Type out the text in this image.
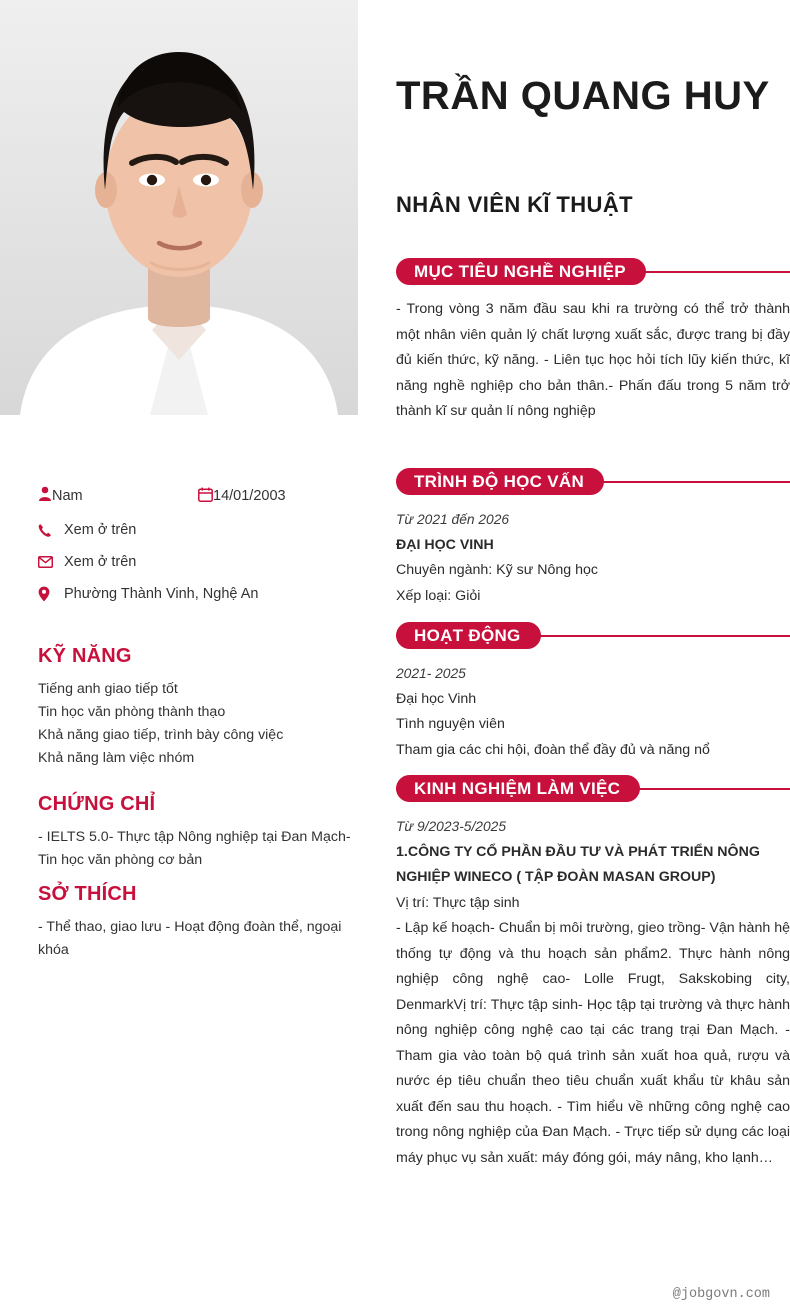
Nam	14/01/2003
Xem ở trên
Xem ở trên
Phường Thành Vinh, Nghệ An
KỸ NĂNG

Tiếng anh giao tiếp tốt

Tin học văn phòng thành thạo

Khả năng giao tiếp, trình bày công việc

Khả năng làm việc nhóm

CHỨNG CHỈ

- IELTS 5.0- Thực tập Nông nghiệp tại Đan Mạch- Tin học văn phòng cơ bản

SỞ THÍCH

- Thể thao, giao lưu - Hoạt động đoàn thể, ngoại khóa

TRẦN QUANG HUY
NHÂN VIÊN KĨ THUẬT
MỤC TIÊU NGHỀ NGHIỆP
- Trong vòng 3 năm đầu sau khi ra trường có thể trở thành một nhân viên quản lý chất lượng xuất sắc, được trang bị đầy đủ kiến thức, kỹ năng. - Liên tục học hỏi tích lũy kiến thức, kĩ năng nghề nghiệp cho bản thân.- Phấn đấu trong 5 năm trở thành kĩ sư quản lí nông nghiệp
TRÌNH ĐỘ HỌC VẤN
Từ 2021 đến 2026
ĐẠI HỌC VINH
Chuyên ngành: Kỹ sư Nông học
Xếp loại: Giỏi
HOẠT ĐỘNG
2021- 2025
Đại học Vinh
Tình nguyện viên
Tham gia các chi hội, đoàn thể đầy đủ và năng nổ
KINH NGHIỆM LÀM VIỆC
Từ 9/2023-5/2025
1.CÔNG TY CỔ PHẦN ĐẦU TƯ VÀ PHÁT TRIỂN NÔNG NGHIỆP WINECO ( TẬP ĐOÀN MASAN GROUP)
Vị trí: Thực tập sinh
- Lập kế hoạch- Chuẩn bị môi trường, gieo trồng- Vận hành hệ thống tự động và thu hoạch sản phẩm2. Thực hành nông nghiệp công nghệ cao- Lolle Frugt, Sakskobing city, DenmarkVị trí: Thực tập sinh- Học tập tại trường và thực hành nông nghiệp công nghệ cao tại các trang trại Đan Mạch. - Tham gia vào toàn bộ quá trình sản xuất hoa quả, rượu và nước ép tiêu chuẩn theo tiêu chuẩn xuất khẩu từ khâu sản xuất đến sau thu hoạch. - Tìm hiểu về những công nghệ cao trong nông nghiệp của Đan Mạch. - Trực tiếp sử dụng các loại máy phục vụ sản xuất: máy đóng gói, máy nâng, kho lạnh…
@jobgovn.com
